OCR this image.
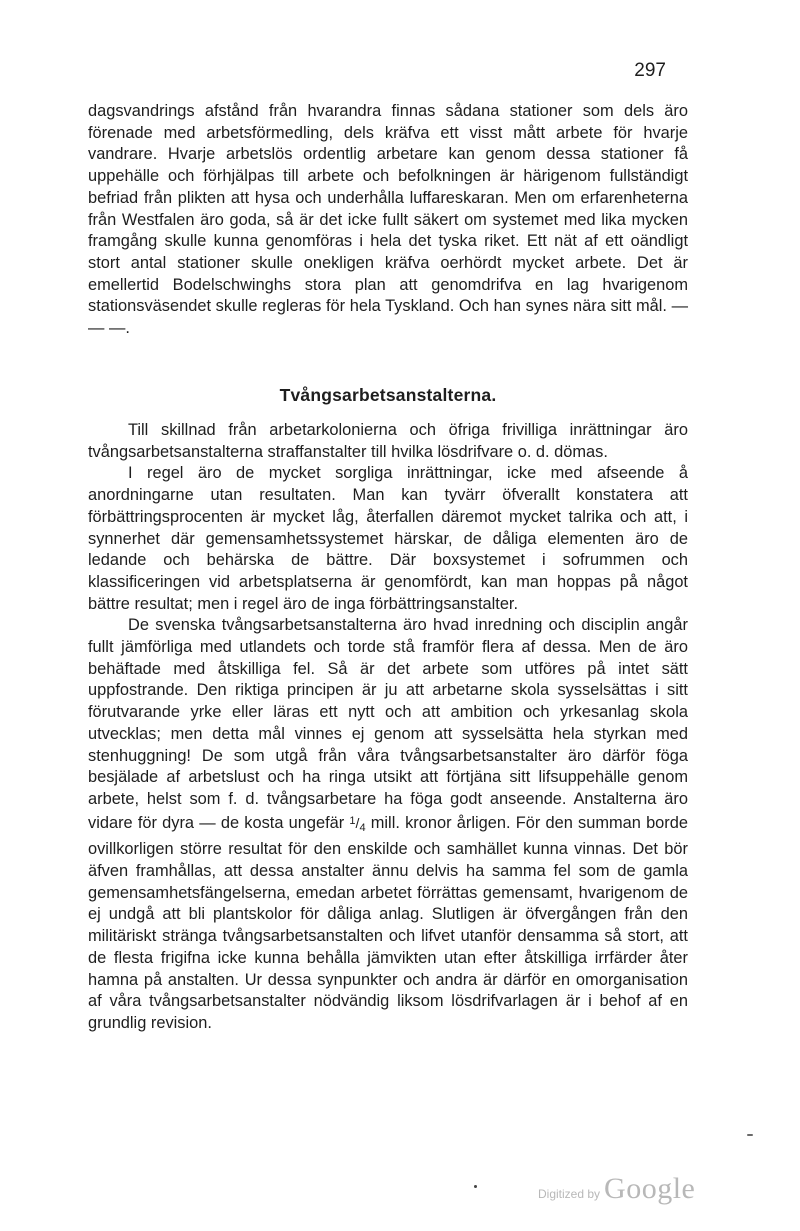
297

dagsvandrings afstånd från hvarandra finnas sådana stationer som dels äro förenade med arbetsförmedling, dels kräfva ett visst mått arbete för hvarje vandrare. Hvarje arbetslös ordentlig arbetare kan genom dessa stationer få uppehälle och förhjälpas till arbete och befolkningen är härigenom fullständigt befriad från plikten att hysa och underhålla luffareskaran. Men om erfarenheterna från Westfalen äro goda, så är det icke fullt säkert om systemet med lika mycken framgång skulle kunna genomföras i hela det tyska riket. Ett nät af ett oändligt stort antal stationer skulle onekligen kräfva oerhördt mycket arbete. Det är emellertid Bodelschwinghs stora plan att genomdrifva en lag hvarigenom stationsväsendet skulle regleras för hela Tyskland. Och han synes nära sitt mål. — — —.

Tvångsarbetsanstalterna.

Till skillnad från arbetarkolonierna och öfriga frivilliga inrättningar äro tvångsarbetsanstalterna straffanstalter till hvilka lösdrifvare o. d. dömas.

I regel äro de mycket sorgliga inrättningar, icke med afseende å anordningarne utan resultaten. Man kan tyvärr öfverallt konstatera att förbättringsprocenten är mycket låg, återfallen däremot mycket talrika och att, i synnerhet där gemensamhetssystemet härskar, de dåliga elementen äro de ledande och behärska de bättre. Där boxsystemet i sofrummen och klassificeringen vid arbetsplatserna är genomfördt, kan man hoppas på något bättre resultat; men i regel äro de inga förbättringsanstalter.

De svenska tvångsarbetsanstalterna äro hvad inredning och disciplin angår fullt jämförliga med utlandets och torde stå framför flera af dessa. Men de äro behäftade med åtskilliga fel. Så är det arbete som utföres på intet sätt uppfostrande. Den riktiga principen är ju att arbetarne skola sysselsättas i sitt förutvarande yrke eller läras ett nytt och att ambition och yrkesanlag skola utvecklas; men detta mål vinnes ej genom att sysselsätta hela styrkan med stenhuggning! De som utgå från våra tvångsarbetsanstalter äro därför föga besjälade af arbetslust och ha ringa utsikt att förtjäna sitt lifsuppehälle genom arbete, helst som f. d. tvångsarbetare ha föga godt anseende. Anstalterna äro vidare för dyra — de kosta ungefär $^1$/4 mill. kronor årligen. För den summan borde ovillkorligen större resultat för den enskilde och samhället kunna vinnas. Det bör äfven framhållas, att dessa anstalter ännu delvis ha samma fel som de gamla gemensamhetsfängelserna, emedan arbetet förrättas gemensamt, hvarigenom de ej undgå att bli plantskolor för dåliga anlag. Slutligen är öfvergången från den militäriskt stränga tvångsarbetsanstalten och lifvet utanför densamma så stort, att de flesta frigifna icke kunna behålla jämvikten utan efter åtskilliga irrfärder åter hamna på anstalten. Ur dessa synpunkter och andra är därför en omorganisation af våra tvångsarbetsanstalter nödvändig liksom lösdrifvarlagen är i behof af en grundlig revision.

Digitized by Google
